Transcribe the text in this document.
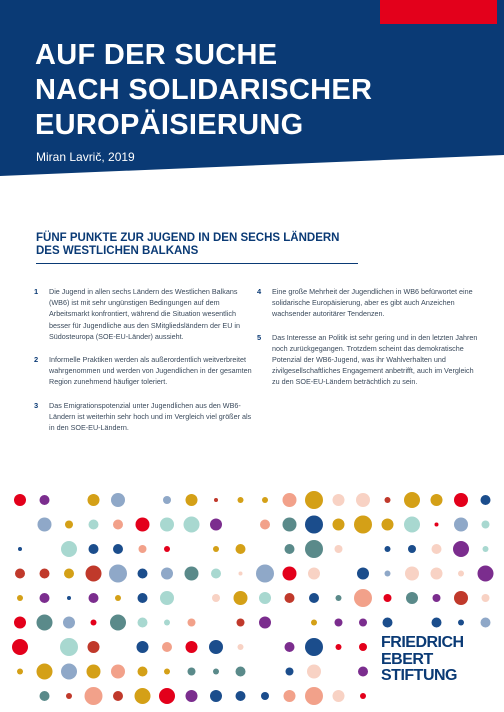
AUF DER SUCHE
NACH SOLIDARISCHER
EUROPÄISIERUNG
Miran Lavrič, 2019
FÜNF PUNKTE ZUR JUGEND IN DEN SECHS LÄNDERN
DES WESTLICHEN BALKANS
1 Die Jugend in allen sechs Ländern des Westlichen Balkans (WB6) ist mit sehr ungünstigen Bedingungen auf dem Arbeitsmarkt konfrontiert, während die Situation wesentlich besser für Jugendliche aus den SMitgliedsländern der EU in Südosteuropa (SOE-EU-Länder) aussieht.
2 Informelle Praktiken werden als außerordentlich weitverbreitet wahrgenommen und werden von Jugendlichen in der gesamten Region zunehmend häufiger toleriert.
3 Das Emigrationspotenzial unter Jugendlichen aus den WB6-Ländern ist weiterhin sehr hoch und im Vergleich viel größer als in den SOE-EU-Ländern.
4 Eine große Mehrheit der Jugendlichen in WB6 befürwortet eine solidarische Europäisierung, aber es gibt auch Anzeichen wachsender autoritärer Tendenzen.
5 Das Interesse an Politik ist sehr gering und in den letzten Jahren noch zurückgegangen. Trotzdem scheint das demokratische Potenzial der WB6-Jugend, was ihr Wahlverhalten und zivilgesellschaftliches Engagement anbetrifft, auch im Vergleich zu den SOE-EU-Ländern beträchtlich zu sein.
FRIEDRICH
EBERT
STIFTUNG
